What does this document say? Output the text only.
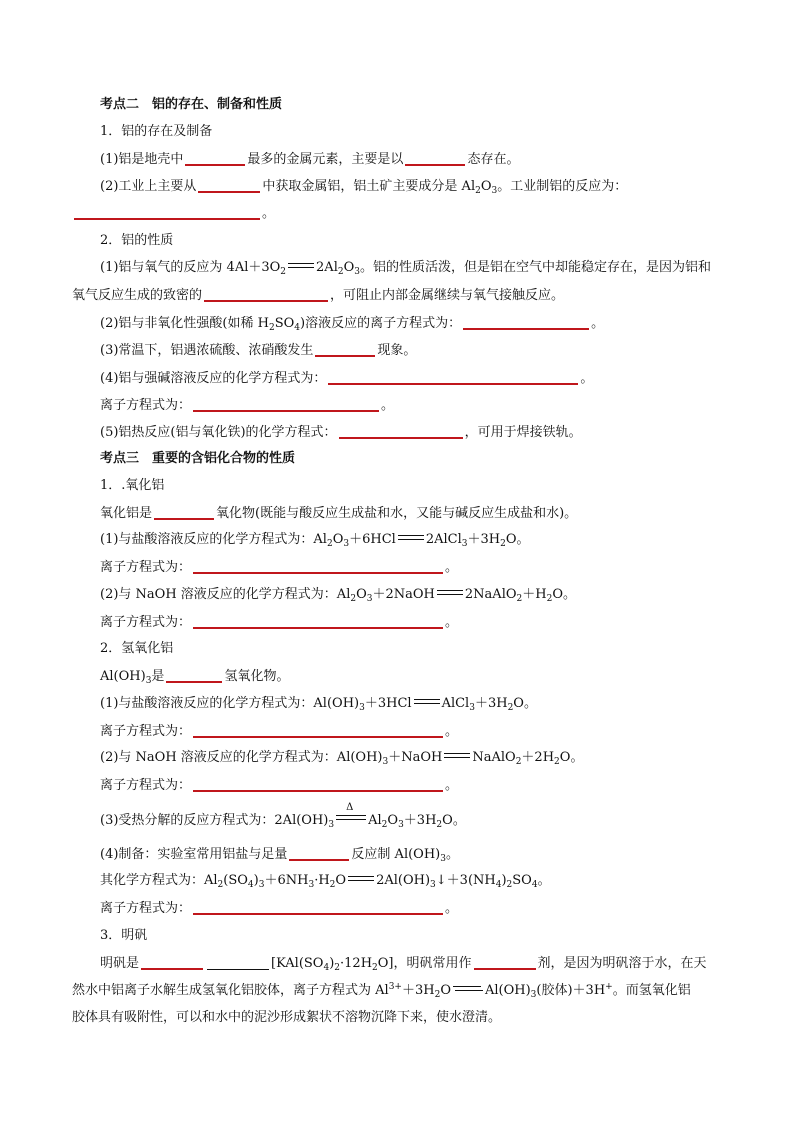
考点二　铝的存在、制备和性质
1．铝的存在及制备
(1)铝是地壳中	最多的金属元素，主要是以	态存在。
(2)工业上主要从	中获取金属铝，铝土矿主要成分是 $Al_2O_3$。工业制铝的反应为：
。
2．铝的性质
(1)铝与氧气的反应为 $4Al+3O_2$ $2Al_2O_3$。铝的性质活泼，但是铝在空气中却能稳定存在，是因为铝和
氧气反应生成的致密的	，可阻止内部金属继续与氧气接触反应。
(2)铝与非氧化性强酸(如稀 $H_2SO_4$)溶液反应的离子方程式为：	。
(3)常温下，铝遇浓硫酸、浓硝酸发生	现象。
(4)铝与强碱溶液反应的化学方程式为：	。
离子方程式为：	。
(5)铝热反应(铝与氧化铁)的化学方程式：	，可用于焊接铁轨。
考点三　重要的含铝化合物的性质
1．.氧化铝
氧化铝是	氧化物(既能与酸反应生成盐和水，又能与碱反应生成盐和水)。
(1)与盐酸溶液反应的化学方程式为：$Al_2O_3+6HCl$ $2AlCl_3+3H_2O$。
离子方程式为：	。
(2)与 NaOH 溶液反应的化学方程式为：$Al_2O_3+2NaOH$ $2NaAlO_2+H_2O$。
离子方程式为：	。
2．氢氧化铝
$Al(OH)_3$是	氢氧化物。
(1)与盐酸溶液反应的化学方程式为：$Al(OH)_3+3HCl$ $AlCl_3+3H_2O$。
离子方程式为：	。
(2)与 NaOH 溶液反应的化学方程式为：$Al(OH)_3+NaOH$ $NaAlO_2+2H_2O$。
离子方程式为：	。
(3)受热分解的反应方程式为：$2Al(OH)_3$
Δ
$Al_2O_3+3H_2O$。
(4)制备：实验室常用铝盐与足量	反应制 $Al(OH)_3$。
其化学方程式为：$Al_2(SO_4)_3+6NH_3\cdot H_2O$ $2Al(OH)_3↓+3(NH_4)_2SO_4$。
离子方程式为：	。
3．明矾
明矾是	$[KAl(SO_4)_2\cdot 12H_2O]$，明矾常用作	剂，是因为明矾溶于水，在天
然水中铝离子水解生成氢氧化铝胶体，离子方程式为 $Al^{3+}+3H_2O$	$Al(OH)_3$(胶体)＋3H+。而氢氧化铝
胶体具有吸附性，可以和水中的泥沙形成絮状不溶物沉降下来，使水澄清。
